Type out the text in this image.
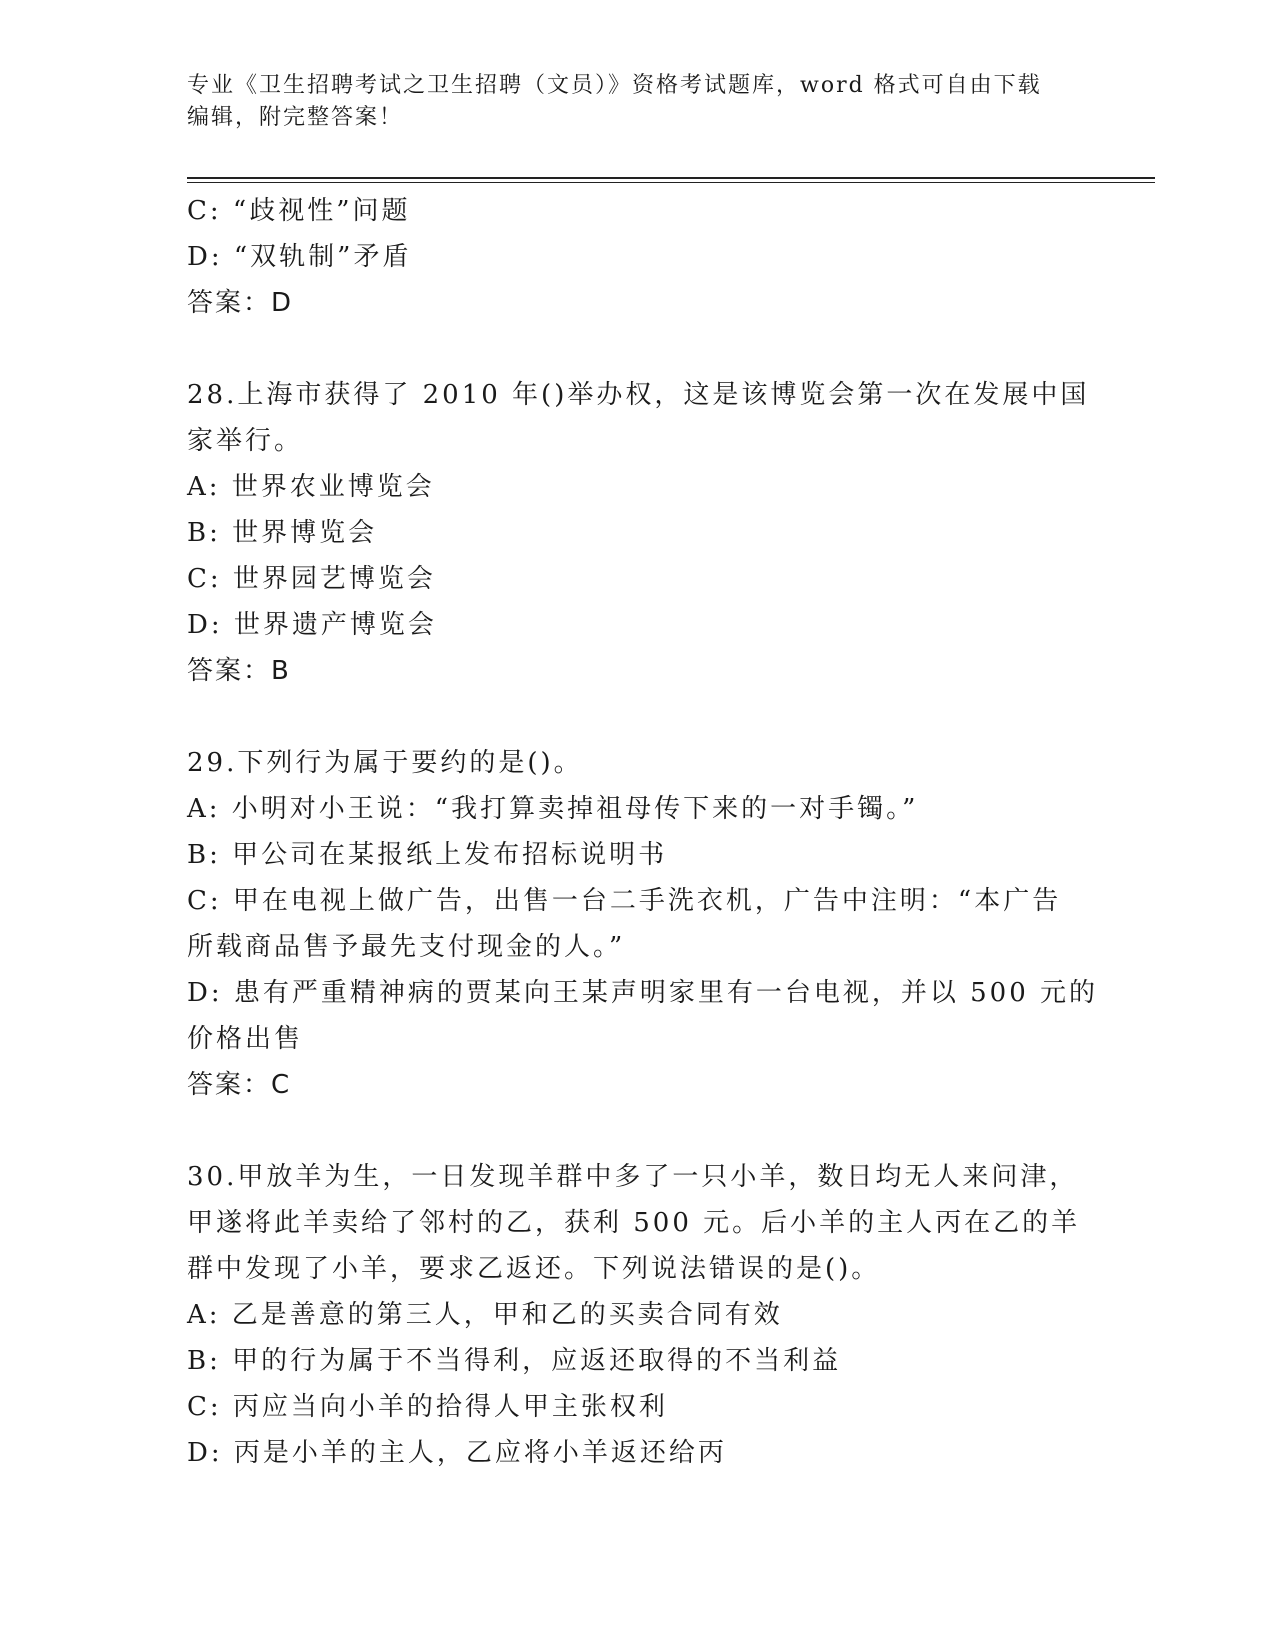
专业《卫生招聘考试之卫生招聘（文员）》资格考试题库，word 格式可自由下载
编辑，附完整答案！
C: “歧视性”问题
D: “双轨制”矛盾
答案：D
28.上海市获得了 2010 年()举办权，这是该博览会第一次在发展中国
家举行。
A: 世界农业博览会
B: 世界博览会
C: 世界园艺博览会
D: 世界遗产博览会
答案：B
29.下列行为属于要约的是()。
A: 小明对小王说：“我打算卖掉祖母传下来的一对手镯。”
B: 甲公司在某报纸上发布招标说明书
C: 甲在电视上做广告，出售一台二手洗衣机，广告中注明：“本广告
所载商品售予最先支付现金的人。”
D: 患有严重精神病的贾某向王某声明家里有一台电视，并以 500 元的
价格出售
答案：C
30.甲放羊为生，一日发现羊群中多了一只小羊，数日均无人来问津，
甲遂将此羊卖给了邻村的乙，获利 500 元。后小羊的主人丙在乙的羊
群中发现了小羊，要求乙返还。下列说法错误的是()。
A: 乙是善意的第三人，甲和乙的买卖合同有效
B: 甲的行为属于不当得利，应返还取得的不当利益
C: 丙应当向小羊的拾得人甲主张权利
D: 丙是小羊的主人，乙应将小羊返还给丙
